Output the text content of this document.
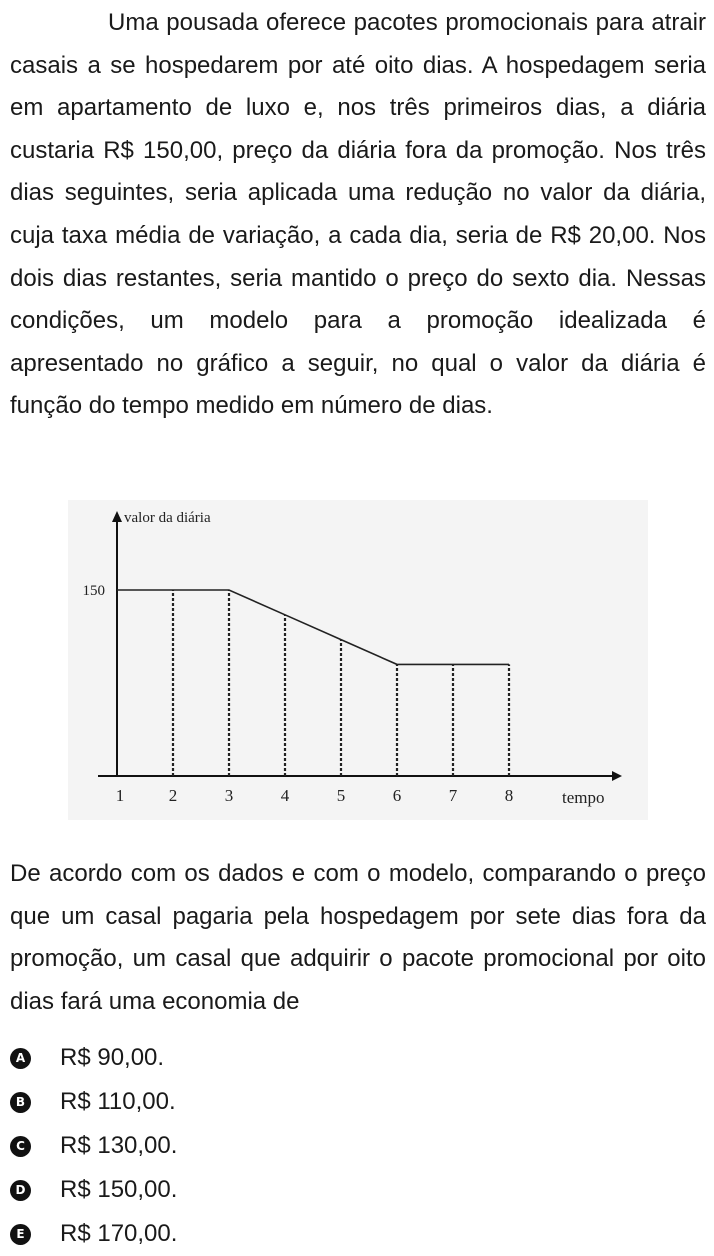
Uma pousada oferece pacotes promocionais para atrair casais a se hospedarem por até oito dias. A hospedagem seria em apartamento de luxo e, nos três primeiros dias, a diária custaria R$ 150,00, preço da diária fora da promoção. Nos três dias seguintes, seria aplicada uma redução no valor da diária, cuja taxa média de variação, a cada dia, seria de R$ 20,00. Nos dois dias restantes, seria mantido o preço do sexto dia. Nessas condições, um modelo para a promoção idealizada é apresentado no gráfico a seguir, no qual o valor da diária é função do tempo medido em número de dias.

valor da diária
tempo
1	2	3	4	5	6	7	8
150

De acordo com os dados e com o modelo, comparando o preço que um casal pagaria pela hospedagem por sete dias fora da promoção, um casal que adquirir o pacote promocional por oito dias fará uma economia de

A R$ 90,00.
B R$ 110,00.
C R$ 130,00.
D R$ 150,00.
E R$ 170,00.
